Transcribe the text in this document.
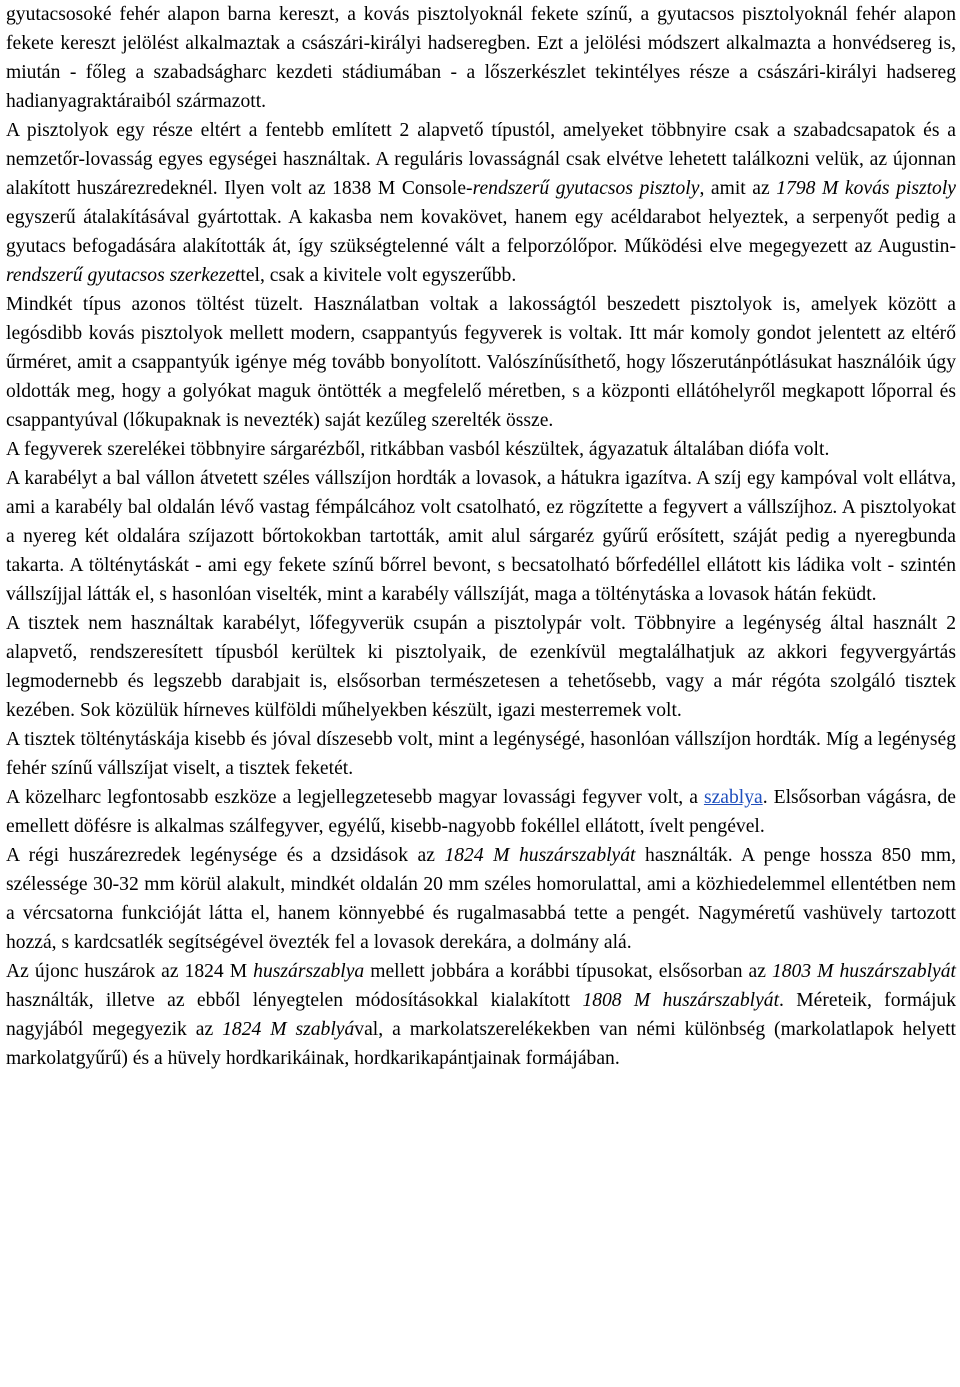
gyutacsosoké fehér alapon barna kereszt, a kovás pisztolyoknál fekete színű, a gyutacsos pisztolyoknál fehér alapon fekete kereszt jelölést alkalmaztak a császári-királyi hadseregben. Ezt a jelölési módszert alkalmazta a honvédsereg is, miután - főleg a szabadságharc kezdeti stádiumában - a lőszerkészlet tekintélyes része a császári-királyi hadsereg hadianyagraktáraiból származott.

A pisztolyok egy része eltért a fentebb említett 2 alapvető típustól, amelyeket többnyire csak a szabadcsapatok és a nemzetőr-lovasság egyes egységei használtak. A reguláris lovasságnál csak elvétve lehetett találkozni velük, az újonnan alakított huszárezredeknél. Ilyen volt az 1838 M Console-rendszerű gyutacsos pisztoly, amit az 1798 M kovás pisztoly egyszerű átalakításával gyártottak. A kakasba nem kovakövet, hanem egy acéldarabot helyeztek, a serpenyőt pedig a gyutacs befogadására alakították át, így szükségtelenné vált a felporzólőpor. Működési elve megegyezett az Augustin-rendszerű gyutacsos szerkezettel, csak a kivitele volt egyszerűbb.

Mindkét típus azonos töltést tüzelt. Használatban voltak a lakosságtól beszedett pisztolyok is, amelyek között a legósdibb kovás pisztolyok mellett modern, csappantyús fegyverek is voltak. Itt már komoly gondot jelentett az eltérő űrméret, amit a csappantyúk igénye még tovább bonyolított. Valószínűsíthető, hogy lőszerutánpótlásukat használóik úgy oldották meg, hogy a golyókat maguk öntötték a megfelelő méretben, s a központi ellátóhelyről megkapott lőporral és csappantyúval (lőkupaknak is nevezték) saját kezűleg szerelték össze.

A fegyverek szerelékei többnyire sárgarézből, ritkábban vasból készültek, ágyazatuk általában diófa volt.

A karabélyt a bal vállon átvetett széles vállszíjon hordták a lovasok, a hátukra igazítva. A szíj egy kampóval volt ellátva, ami a karabély bal oldalán lévő vastag fémpálcához volt csatolható, ez rögzítette a fegyvert a vállszíjhoz. A pisztolyokat a nyereg két oldalára szíjazott bőrtokokban tartották, amit alul sárgaréz gyűrű erősített, száját pedig a nyeregbunda takarta. A tölténytáskát - ami egy fekete színű bőrrel bevont, s becsatolható bőrfedéllel ellátott kis ládika volt - szintén vállszíjjal látták el, s hasonlóan viselték, mint a karabély vállszíját, maga a tölténytáska a lovasok hátán feküdt.

A tisztek nem használtak karabélyt, lőfegyverük csupán a pisztolypár volt. Többnyire a legénység által használt 2 alapvető, rendszeresített típusból kerültek ki pisztolyaik, de ezenkívül megtalálhatjuk az akkori fegyvergyártás legmodernebb és legszebb darabjait is, elsősorban természetesen a tehetősebb, vagy a már régóta szolgáló tisztek kezében. Sok közülük hírneves külföldi műhelyekben készült, igazi mesterremek volt.

A tisztek tölténytáskája kisebb és jóval díszesebb volt, mint a legénységé, hasonlóan vállszíjon hordták. Míg a legénység fehér színű vállszíjat viselt, a tisztek feketét.

A közelharc legfontosabb eszköze a legjellegzetesebb magyar lovassági fegyver volt, a szablya. Elsősorban vágásra, de emellett döfésre is alkalmas szálfegyver, egyélű, kisebb-nagyobb fokéllel ellátott, ívelt pengével.

A régi huszárezredek legénysége és a dzsidások az 1824 M huszárszablyát használták. A penge hossza 850 mm, szélessége 30-32 mm körül alakult, mindkét oldalán 20 mm széles homorulattal, ami a közhiedelemmel ellentétben nem a vércsatorna funkcióját látta el, hanem könnyebbé és rugalmasabbá tette a pengét. Nagyméretű vashüvely tartozott hozzá, s kardcsatlék segítségével övezték fel a lovasok derekára, a dolmány alá.

Az újonc huszárok az 1824 M huszárszablya mellett jobbára a korábbi típusokat, elsősorban az 1803 M huszárszablyát használták, illetve az ebből lényegtelen módosításokkal kialakított 1808 M huszárszablyát. Méreteik, formájuk nagyjából megegyezik az 1824 M szablyával, a markolatszerelékekben van némi különbség (markolatlapok helyett markolatgyűrű) és a hüvely hordkarikáinak, hordkarikapántjainak formájában.
